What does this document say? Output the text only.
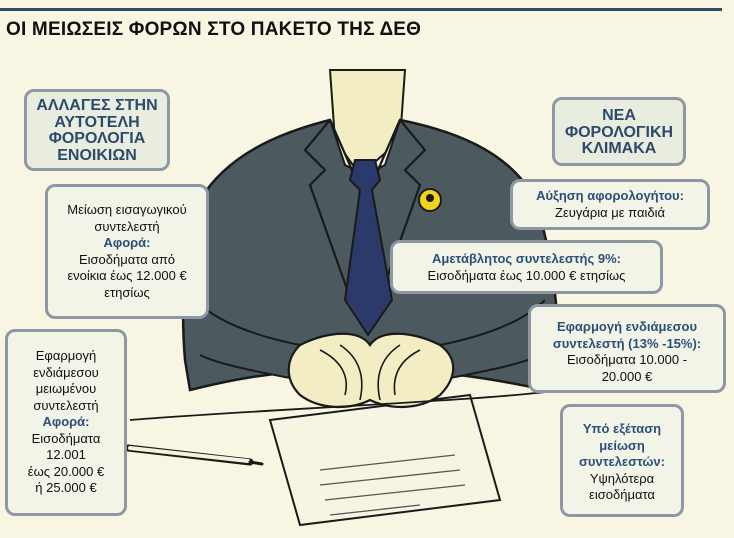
ΟΙ ΜΕΙΩΣΕΙΣ ΦΟΡΩΝ ΣΤΟ ΠΑΚΕΤΟ ΤΗΣ ΔΕΘ
ΑΛΛΑΓΕΣ ΣΤΗΝ
ΑΥΤΟΤΕΛΗ
ΦΟΡΟΛΟΓΙΑ
ΕΝΟΙΚΙΩΝ
Μείωση εισαγωγικού
συντελεστή
Αφορά:
Εισοδήματα από
ενοίκια έως 12.000 €
ετησίως
Εφαρμογή
ενδιάμεσου
μειωμένου
συντελεστή
Αφορά:
Εισοδήματα
12.001
έως 20.000 €
ή 25.000 €
ΝΕΑ
ΦΟΡΟΛΟΓΙΚΗ
ΚΛΙΜΑΚΑ
Αύξηση αφορολογήτου:
Ζευγάρια με παιδιά
Αμετάβλητος συντελεστής 9%:
Εισοδήματα έως 10.000 € ετησίως
Εφαρμογή ενδιάμεσου
συντελεστή (13% -15%):
Εισοδήματα 10.000 -
20.000 €
Υπό εξέταση
μείωση
συντελεστών:
Υψηλότερα
εισοδήματα
